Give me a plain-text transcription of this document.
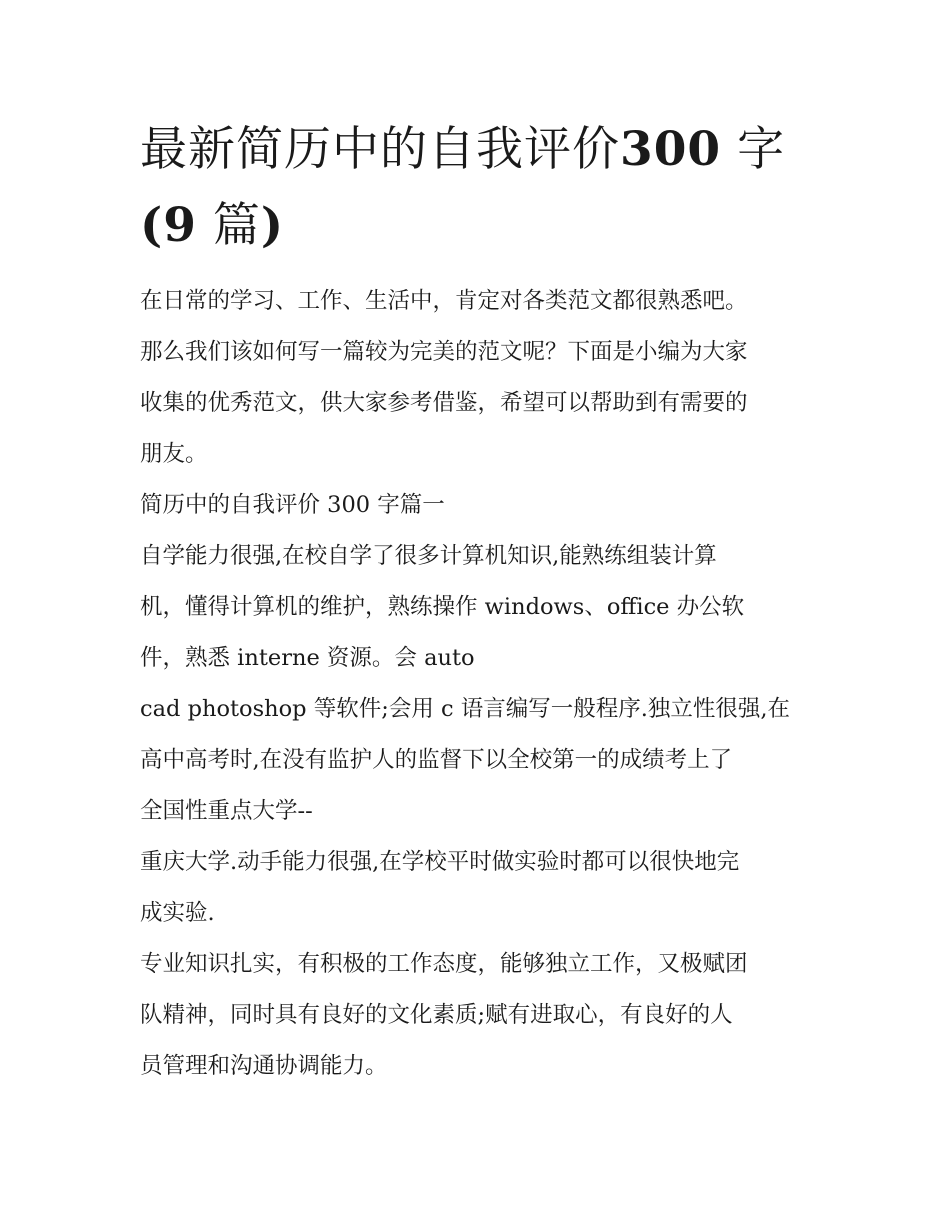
最新简历中的自我评价300 字
(9 篇)

在日常的学习、工作、生活中，肯定对各类范文都很熟悉吧。
那么我们该如何写一篇较为完美的范文呢？下面是小编为大家
收集的优秀范文，供大家参考借鉴，希望可以帮助到有需要的
朋友。

简历中的自我评价 300 字篇一

自学能力很强,在校自学了很多计算机知识,能熟练组装计算
机，懂得计算机的维护，熟练操作 windows、office 办公软
件，熟悉 interne 资源。会 auto

cad photoshop 等软件;会用 c 语言编写一般程序.独立性很强,在
高中高考时,在没有监护人的监督下以全校第一的成绩考上了
全国性重点大学--

重庆大学.动手能力很强,在学校平时做实验时都可以很快地完
成实验.

专业知识扎实，有积极的工作态度，能够独立工作，又极赋团
队精神，同时具有良好的文化素质;赋有进取心，有良好的人
员管理和沟通协调能力。
